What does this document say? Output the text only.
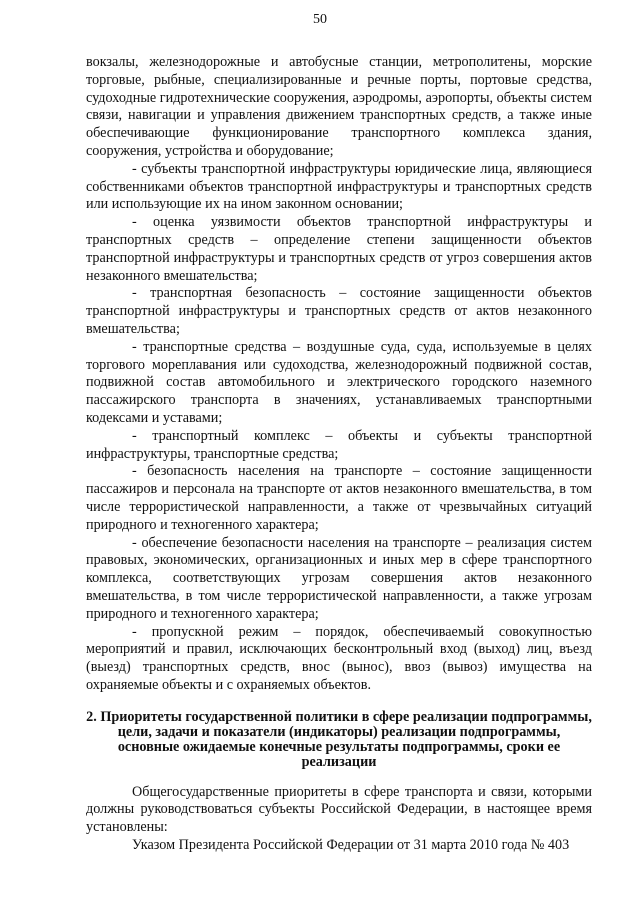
50

вокзалы, железнодорожные и автобусные станции, метрополитены, морские торговые, рыбные, специализированные и речные порты, портовые средства, судоходные гидротехнические сооружения, аэродромы, аэропорты, объекты систем связи, навигации и управления движением транспортных средств, а также иные обеспечивающие функционирование транспортного комплекса здания, сооружения, устройства и оборудование;

- субъекты транспортной инфраструктуры юридические лица, являющиеся собственниками объектов транспортной инфраструктуры и транспортных средств или использующие их на ином законном основании;

- оценка уязвимости объектов транспортной инфраструктуры и транспортных средств – определение степени защищенности объектов транспортной инфраструктуры и транспортных средств от угроз совершения актов незаконного вмешательства;

- транспортная безопасность – состояние защищенности объектов транспортной инфраструктуры и транспортных средств от актов незаконного вмешательства;

- транспортные средства – воздушные суда, суда, используемые в целях торгового мореплавания или судоходства, железнодорожный подвижной состав, подвижной состав автомобильного и электрического городского наземного пассажирского транспорта в значениях, устанавливаемых транспортными кодексами и уставами;

- транспортный комплекс – объекты и субъекты транспортной инфраструктуры, транспортные средства;

- безопасность населения на транспорте – состояние защищенности пассажиров и персонала на транспорте от актов незаконного вмешательства, в том числе террористической направленности, а также от чрезвычайных ситуаций природного и техногенного характера;

- обеспечение безопасности населения на транспорте – реализация систем правовых, экономических, организационных и иных мер в сфере транспортного комплекса, соответствующих угрозам совершения актов незаконного вмешательства, в том числе террористической направленности, а также угрозам природного и техногенного характера;

- пропускной режим – порядок, обеспечиваемый совокупностью мероприятий и правил, исключающих бесконтрольный вход (выход) лиц, въезд (выезд) транспортных средств, внос (вынос), ввоз (вывоз) имущества на охраняемые объекты и с охраняемых объектов.

2. Приоритеты государственной политики в сфере реализации подпрограммы, цели, задачи и показатели (индикаторы) реализации подпрограммы, основные ожидаемые конечные результаты подпрограммы, сроки ее реализации

Общегосударственные приоритеты в сфере транспорта и связи, которыми должны руководствоваться субъекты Российской Федерации, в настоящее время установлены:

Указом Президента Российской Федерации от 31 марта 2010 года № 403
